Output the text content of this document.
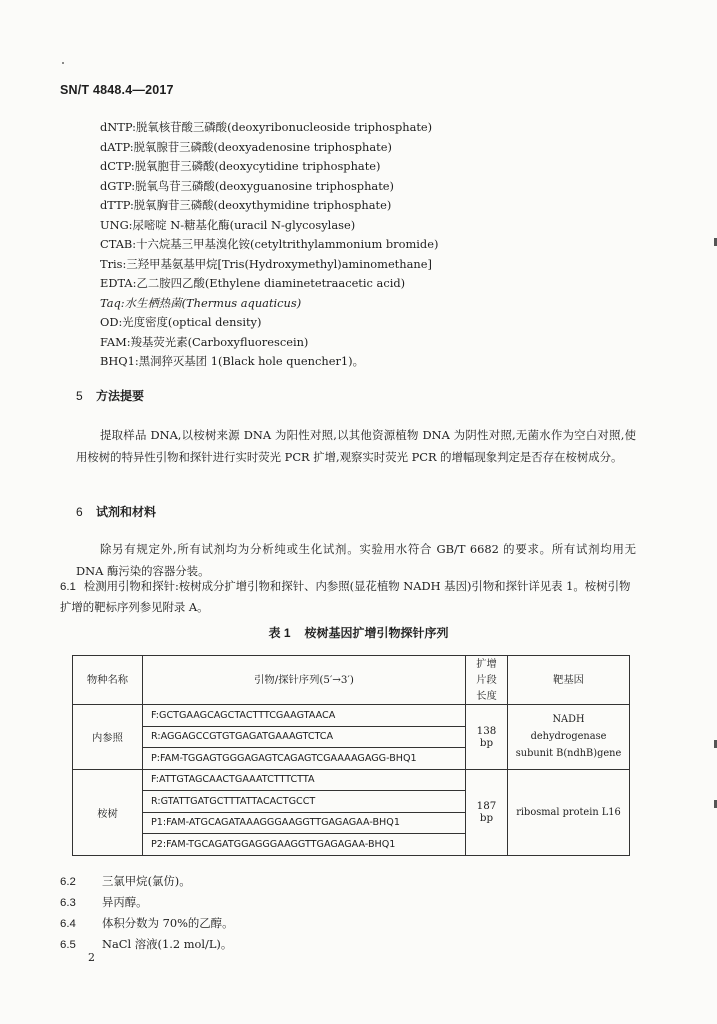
SN/T 4848.4—2017
dNTP:脱氧核苷酸三磷酸(deoxyribonucleoside triphosphate)
dATP:脱氧腺苷三磷酸(deoxyadenosine triphosphate)
dCTP:脱氧胞苷三磷酸(deoxycytidine triphosphate)
dGTP:脱氧鸟苷三磷酸(deoxyguanosine triphosphate)
dTTP:脱氧胸苷三磷酸(deoxythymidine triphosphate)
UNG:尿嘧啶 N-糖基化酶(uracil N-glycosylase)
CTAB:十六烷基三甲基溴化铵(cetyltrithylammonium bromide)
Tris:三羟甲基氨基甲烷[Tris(Hydroxymethyl)aminomethane]
EDTA:乙二胺四乙酸(Ethylene diaminetetraacetic acid)
Taq:水生栖热菌(Thermus aquaticus)
OD:光度密度(optical density)
FAM:羧基荧光素(Carboxyfluorescein)
BHQ1:黑洞猝灭基团 1(Black hole quencher1)。
5 方法提要
提取样品 DNA,以桉树来源 DNA 为阳性对照,以其他资源植物 DNA 为阴性对照,无菌水作为空白对照,使用桉树的特异性引物和探针进行实时荧光 PCR 扩增,观察实时荧光 PCR 的增幅现象判定是否存在桉树成分。
6 试剂和材料
除另有规定外,所有试剂均为分析纯或生化试剂。实验用水符合 GB/T 6682 的要求。所有试剂均用无 DNA 酶污染的容器分装。
6.1 检测用引物和探针:桉树成分扩增引物和探针、内参照(显花植物 NADH 基因)引物和探针详见表 1。桉树引物扩增的靶标序列参见附录 A。
表 1 桉树基因扩增引物探针序列
物种名称	引物/探针序列(5′→3′)	扩增片段长度	靶基因
内参照	F:GCTGAAGCAGCTACTTTCGAAGTAACA	138 bp	NADH dehydrogenase subunit B(ndhB)gene
	R:AGGAGCCGTGTGAGATGAAAGTCTCA		
	P:FAM-TGGAGTGGGAGAGTCAGAGTCGAAAAGAGG-BHQ1		
桉树	F:ATTGTAGCAACTGAAATCTTTCTTA	187 bp	ribosmal protein L16
	R:GTATTGATGCTTTATTACACTGCCT		
	P1:FAM-ATGCAGATAAAGGGAAGGTTGAGAGAA-BHQ1		
	P2:FAM-TGCAGATGGAGGGAAGGTTGAGAGAA-BHQ1		
6.2 三氯甲烷(氯仿)。
6.3 异丙醇。
6.4 体积分数为 70%的乙醇。
6.5 NaCl 溶液(1.2 mol/L)。
2
